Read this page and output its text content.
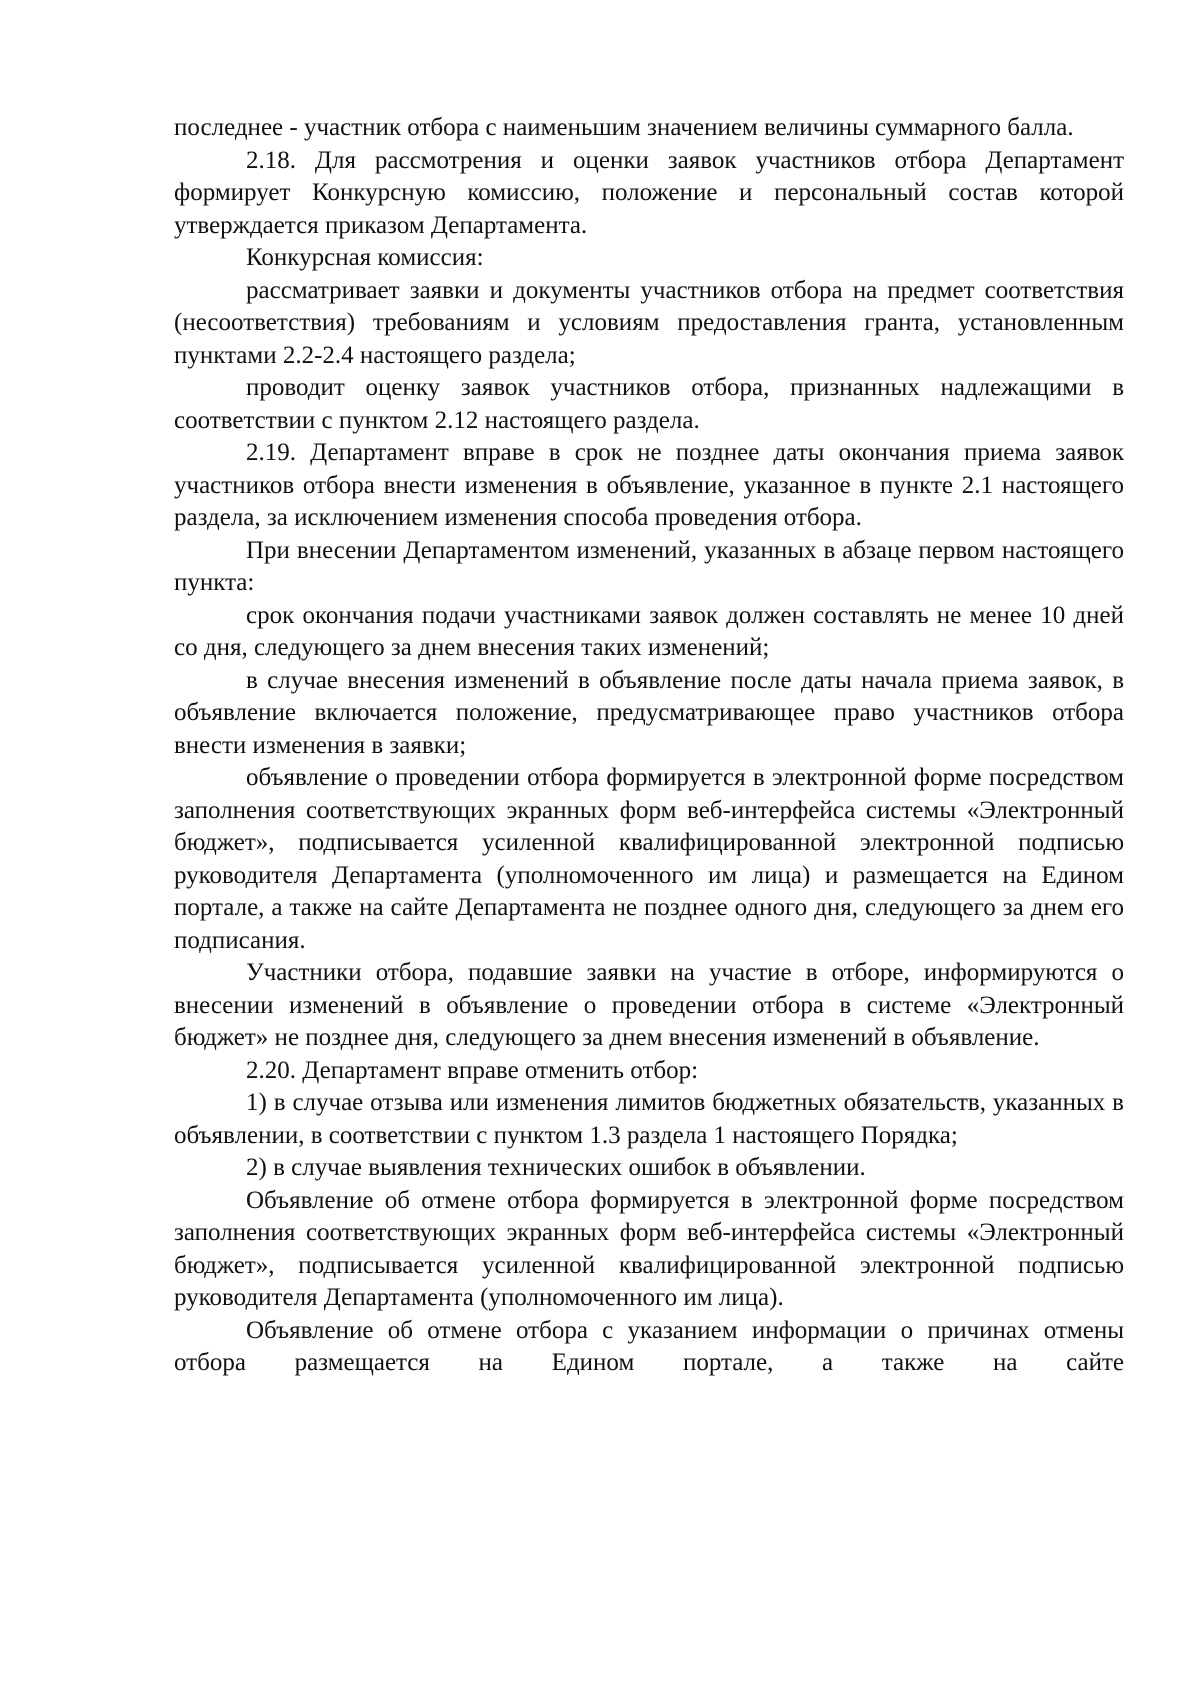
последнее - участник отбора с наименьшим значением величины суммарного балла.

2.18. Для рассмотрения и оценки заявок участников отбора Департамент формирует Конкурсную комиссию, положение и персональный состав которой утверждается приказом Департамента.

Конкурсная комиссия:

рассматривает заявки и документы участников отбора на предмет соответствия (несоответствия) требованиям и условиям предоставления гранта, установленным пунктами 2.2-2.4 настоящего раздела;

проводит оценку заявок участников отбора, признанных надлежащими в соответствии с пунктом 2.12 настоящего раздела.

2.19. Департамент вправе в срок не позднее даты окончания приема заявок участников отбора внести изменения в объявление, указанное в пункте 2.1 настоящего раздела, за исключением изменения способа проведения отбора.

При внесении Департаментом изменений, указанных в абзаце первом настоящего пункта:

срок окончания подачи участниками заявок должен составлять не менее 10 дней со дня, следующего за днем внесения таких изменений;

в случае внесения изменений в объявление после даты начала приема заявок, в объявление включается положение, предусматривающее право участников отбора внести изменения в заявки;

объявление о проведении отбора формируется в электронной форме посредством заполнения соответствующих экранных форм веб-интерфейса системы «Электронный бюджет», подписывается усиленной квалифицированной электронной подписью руководителя Департамента (уполномоченного им лица) и размещается на Едином портале, а также на сайте Департамента не позднее одного дня, следующего за днем его подписания.

Участники отбора, подавшие заявки на участие в отборе, информируются о внесении изменений в объявление о проведении отбора в системе «Электронный бюджет» не позднее дня, следующего за днем внесения изменений в объявление.

2.20. Департамент вправе отменить отбор:

1) в случае отзыва или изменения лимитов бюджетных обязательств, указанных в объявлении, в соответствии с пунктом 1.3 раздела 1 настоящего Порядка;

2) в случае выявления технических ошибок в объявлении.

Объявление об отмене отбора формируется в электронной форме посредством заполнения соответствующих экранных форм веб-интерфейса системы «Электронный бюджет», подписывается усиленной квалифицированной электронной подписью руководителя Департамента (уполномоченного им лица).

Объявление об отмене отбора с указанием информации о причинах отмены отбора размещается на Едином портале, а также на сайте
